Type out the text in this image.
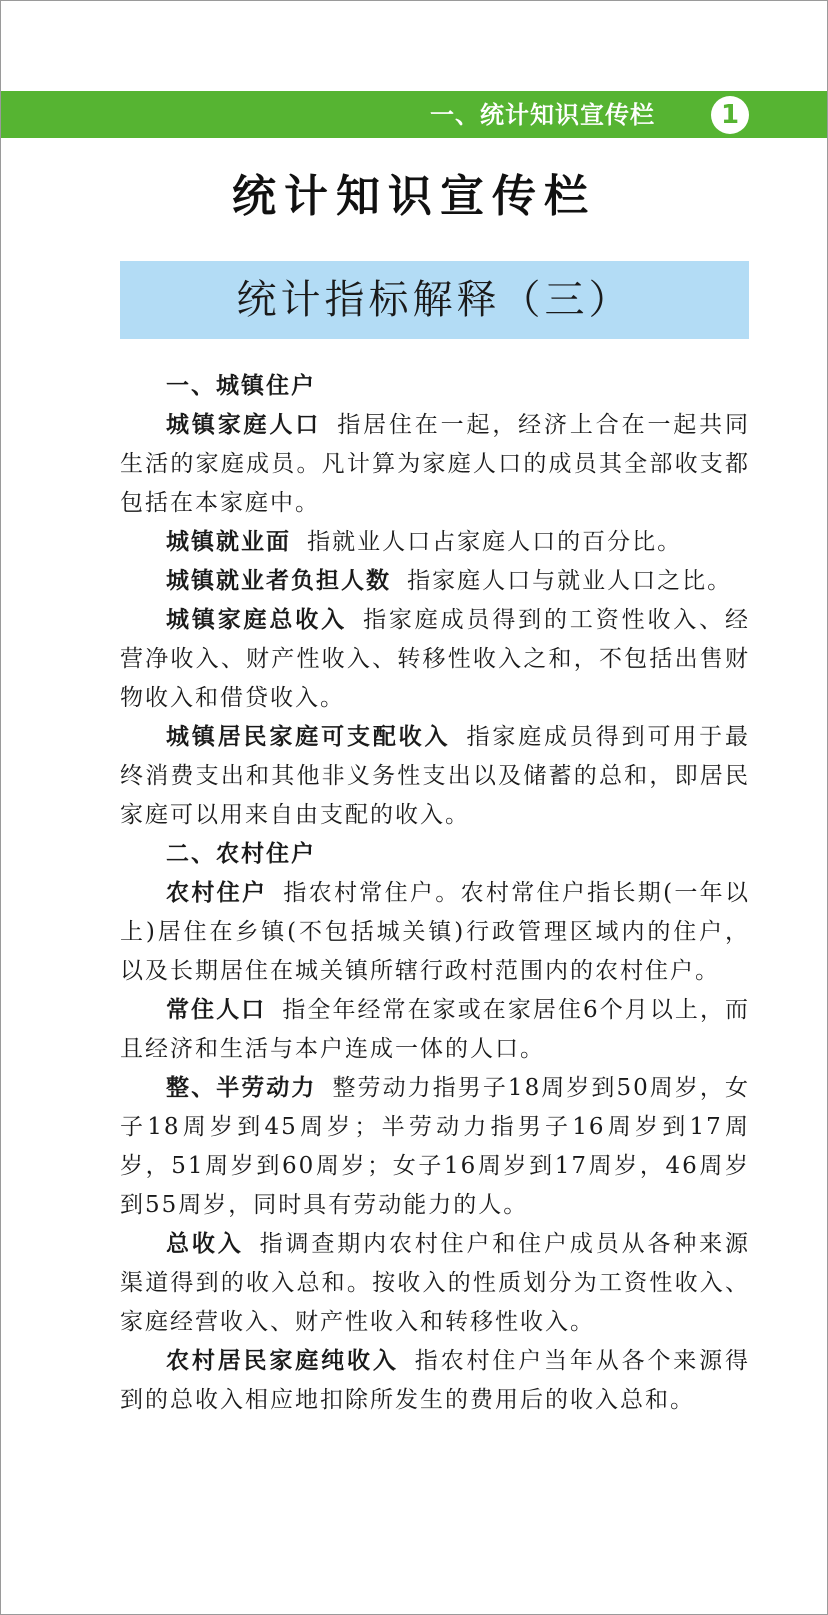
一、统计知识宣传栏	1
统计知识宣传栏
统计指标解释（三）

一、城镇住户

城镇家庭人口 指居住在一起，经济上合在一起共同生活的家庭成员。凡计算为家庭人口的成员其全部收支都包括在本家庭中。

城镇就业面 指就业人口占家庭人口的百分比。

城镇就业者负担人数 指家庭人口与就业人口之比。

城镇家庭总收入 指家庭成员得到的工资性收入、经营净收入、财产性收入、转移性收入之和，不包括出售财物收入和借贷收入。

城镇居民家庭可支配收入 指家庭成员得到可用于最终消费支出和其他非义务性支出以及储蓄的总和，即居民家庭可以用来自由支配的收入。

二、农村住户

农村住户 指农村常住户。农村常住户指长期(一年以上)居住在乡镇(不包括城关镇)行政管理区域内的住户，以及长期居住在城关镇所辖行政村范围内的农村住户。

常住人口 指全年经常在家或在家居住6个月以上，而且经济和生活与本户连成一体的人口。

整、半劳动力 整劳动力指男子18周岁到50周岁，女子18周岁到45周岁；半劳动力指男子16周岁到17周岁，51周岁到60周岁；女子16周岁到17周岁，46周岁到55周岁，同时具有劳动能力的人。

总收入 指调查期内农村住户和住户成员从各种来源渠道得到的收入总和。按收入的性质划分为工资性收入、家庭经营收入、财产性收入和转移性收入。

农村居民家庭纯收入 指农村住户当年从各个来源得到的总收入相应地扣除所发生的费用后的收入总和。
